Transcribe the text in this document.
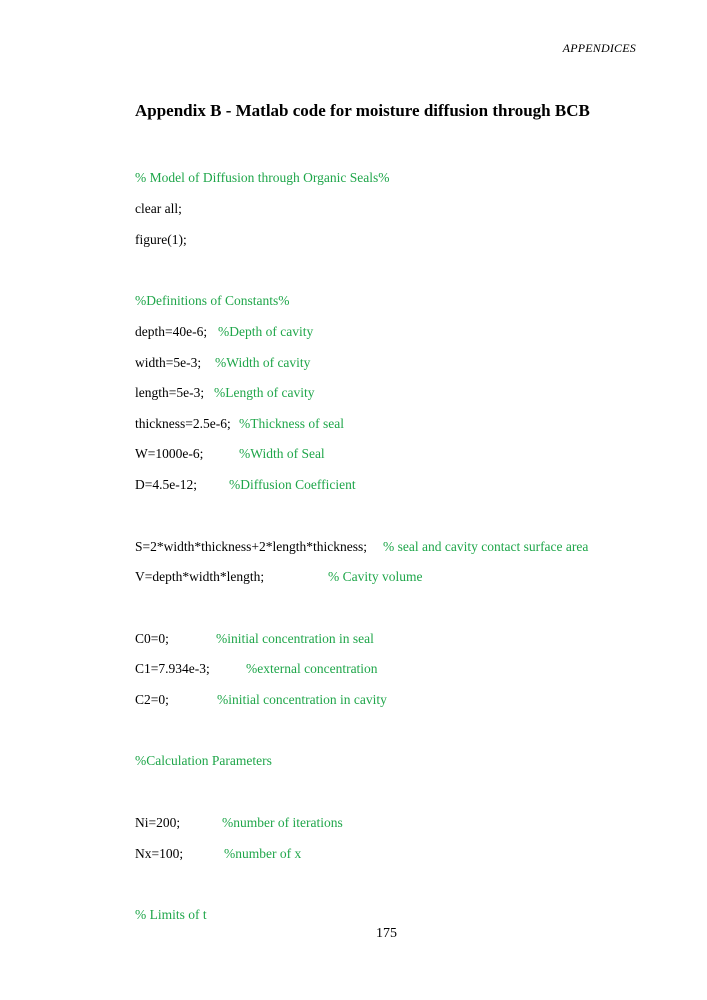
APPENDICES
Appendix B - Matlab code for moisture diffusion through BCB
% Model of Diffusion through Organic Seals%
clear all;
figure(1);
%Definitions of Constants%
depth=40e-6; %Depth of cavity
width=5e-3; %Width of cavity
length=5e-3; %Length of cavity
thickness=2.5e-6; %Thickness of seal
W=1000e-6;	%Width of Seal
D=4.5e-12; %Diffusion Coefficient
S=2*width*thickness+2*length*thickness; % seal and cavity contact surface area
V=depth*width*length;	% Cavity volume
C0=0;	%initial concentration in seal
C1=7.934e-3;	%external concentration
C2=0;	%initial concentration in cavity
%Calculation Parameters
Ni=200;	%number of iterations
Nx=100;	%number of x
% Limits of t
175
